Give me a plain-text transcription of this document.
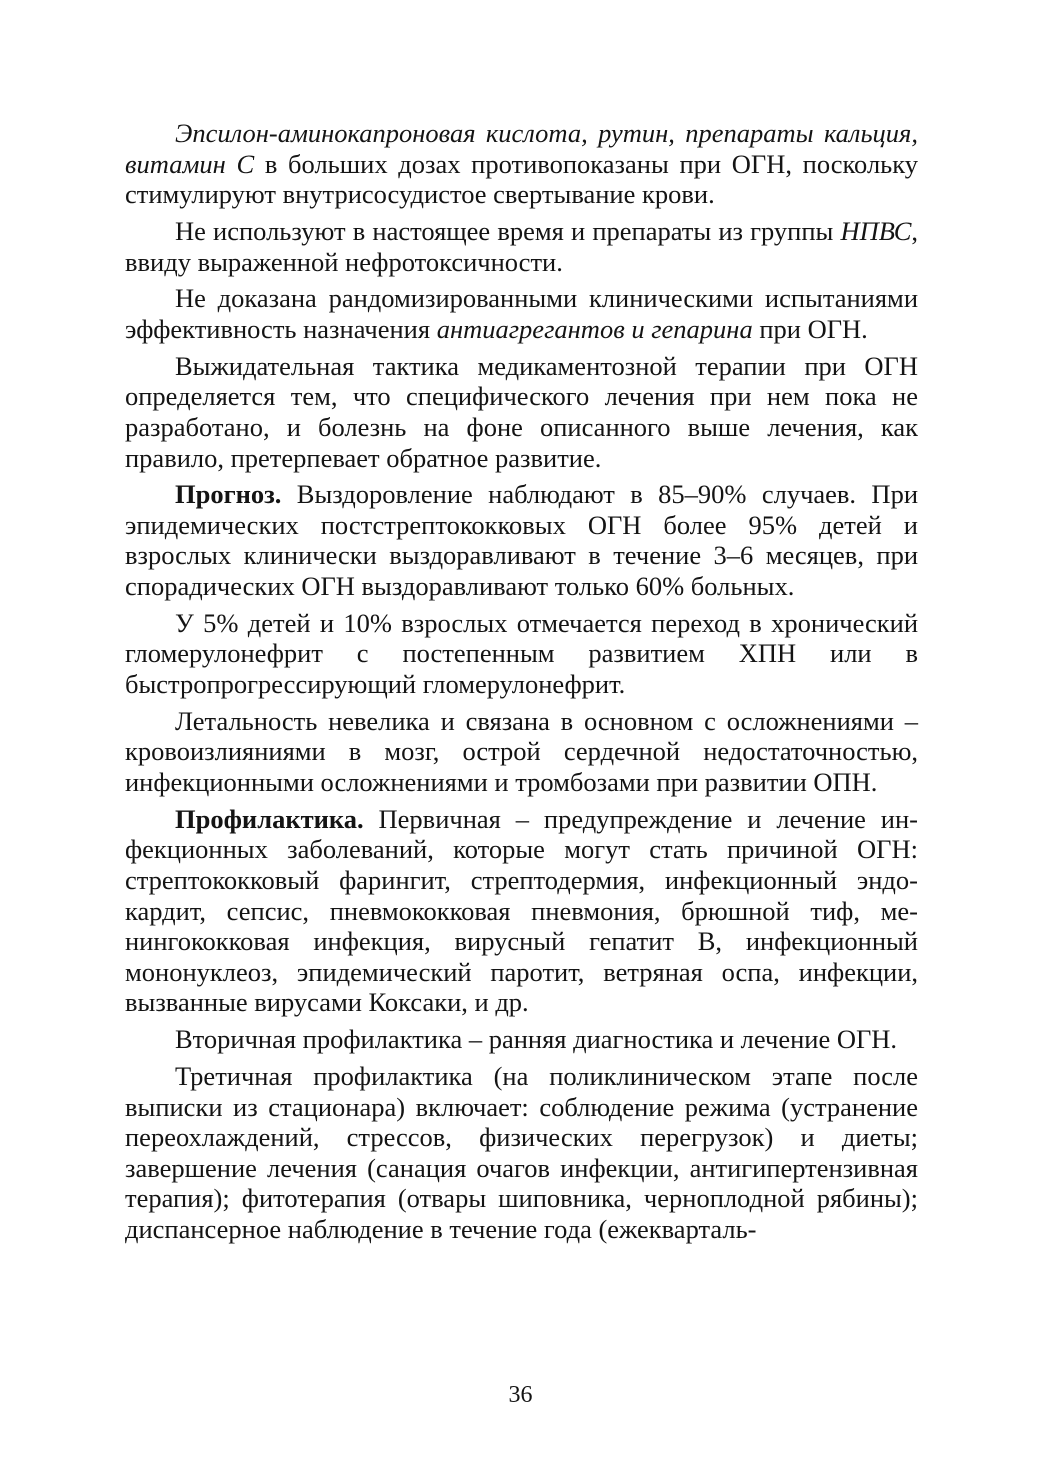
Эпсилон-аминокапроновая кислота, рутин, препараты кальция, витамин С в больших дозах противопоказаны при ОГН, поскольку стимулируют внутрисосудистое свертывание крови.

Не используют в настоящее время и препараты из группы НПВС, ввиду выраженной нефротоксичности.

Не доказана рандомизированными клиническими испытаниями эффективность назначения антиагрегантов и гепарина при ОГН.

Выжидательная тактика медикаментозной терапии при ОГН определяется тем, что специфического лечения при нем пока не разработано, и болезнь на фоне описанного выше лечения, как правило, претерпевает обратное развитие.

Прогноз. Выздоровление наблюдают в 85–90% случаев. При эпидемических постстрептококковых ОГН более 95% детей и взрослых клинически выздоравливают в течение 3–6 месяцев, при спорадических ОГН выздоравливают только 60% больных.

У 5% детей и 10% взрослых отмечается переход в хронический гломерулонефрит с постепенным развитием ХПН или в быстропрогрессирующий гломерулонефрит.

Летальность невелика и связана в основном с осложнениями – кровоизлияниями в мозг, острой сердечной недостаточностью, инфекционными осложнениями и тромбозами при развитии ОПН.

Профилактика. Первичная – предупреждение и лечение инфекционных заболеваний, которые могут стать причиной ОГН: стрептококковый фарингит, стрептодермия, инфекционный эндокардит, сепсис, пневмококковая пневмония, брюшной тиф, менингококковая инфекция, вирусный гепатит В, инфекционный мононуклеоз, эпидемический паротит, ветряная оспа, инфекции, вызванные вирусами Коксаки, и др.

Вторичная профилактика – ранняя диагностика и лечение ОГН.

Третичная профилактика (на поликлиническом этапе после выписки из стационара) включает: соблюдение режима (устранение переохлаждений, стрессов, физических перегрузок) и диеты; завершение лечения (санация очагов инфекции, антигипертензивная терапия); фитотерапия (отвары шиповника, черноплодной рябины); диспансерное наблюдение в течение года (ежекварталь-

36
